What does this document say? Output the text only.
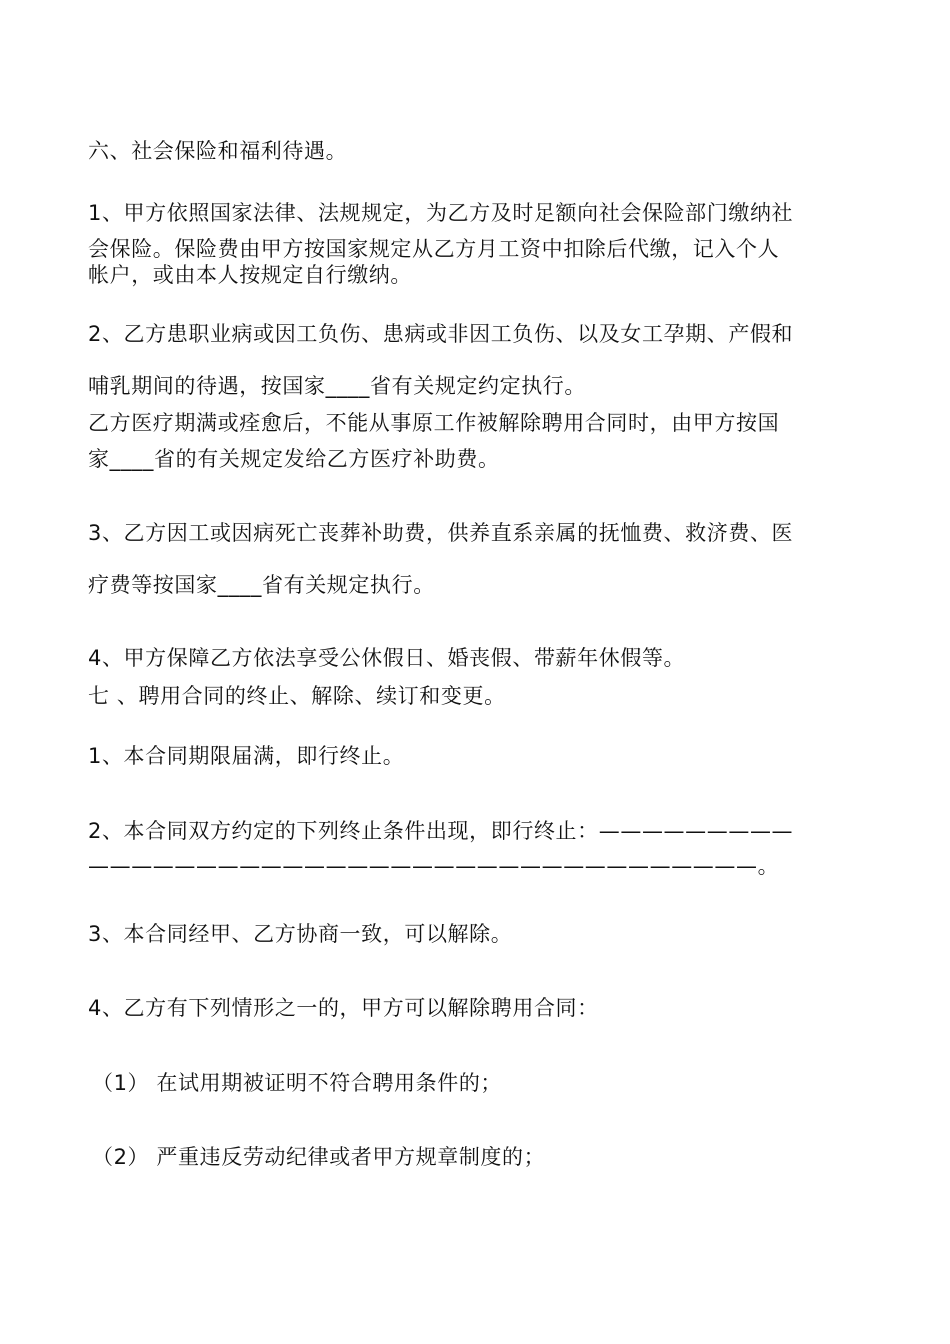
六、社会保险和福利待遇。
1、甲方依照国家法律、法规规定，为乙方及时足额向社会保险部门缴纳社
会保险。保险费由甲方按国家规定从乙方月工资中扣除后代缴，记入个人
帐户，或由本人按规定自行缴纳。
2、乙方患职业病或因工负伤、患病或非因工负伤、以及女工孕期、产假和
哺乳期间的待遇，按国家____省有关规定约定执行。
乙方医疗期满或痊愈后，不能从事原工作被解除聘用合同时，由甲方按国
家____省的有关规定发给乙方医疗补助费。
3、乙方因工或因病死亡丧葬补助费，供养直系亲属的抚恤费、救济费、医
疗费等按国家____省有关规定执行。
4、甲方保障乙方依法享受公休假日、婚丧假、带薪年休假等。
七 、聘用合同的终止、解除、续订和变更。
1、本合同期限届满，即行终止。
2、本合同双方约定的下列终止条件出现，即行终止：—————————
———————————————————————————————。
3、本合同经甲、乙方协商一致，可以解除。
4、乙方有下列情形之一的，甲方可以解除聘用合同：
（1） 在试用期被证明不符合聘用条件的；
（2） 严重违反劳动纪律或者甲方规章制度的；
